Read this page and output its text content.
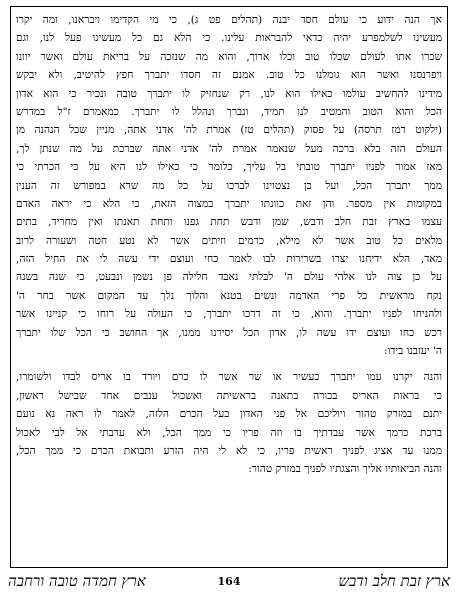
אך הנה ידוע כי עולם חסד יבנה (תהלים פט ג), כי מי הקדימו ויבראנו, ומה יקרו
מעשינו לשלמפרע יהיה כדאי להבראות עלינו. כי הלא גם כל מעשינו פעל לנו, וגם
שכרו אתו לעולם שכלו טוב וכלו ארוך, והוא מה שנזכה על בריאת עולם ואשר יוונו
ויפרנסנו ואשר הוא גומלנו כל טוב. אמנם זה חסדו יתברך חפץ להיטיב, ולא יבקש
מידינו להחשיב עולמו כאילו הוא לנו, רק שנחזיק לו יתברך טובה ונכיר כי הוא אדון
הכל והוא הטוב והמטיב לנו תמיד, ונברך ונהלל לו יתברך. כמאמרם ז"ל במדרש
(ילקוט רמז תרסה) על פסוק (תהלים טז) אמרת לה' אדני אתה, מניין שכל הנהנה מן
העולם הזה בלא ברכה מעל שנאמר אמרת לה' אדני אתה שברכת על מה שנתן לך,
מאז אמור לפניו יתברך טובתי בל עליך, כלומר כי כאילו לנו היא על כי הכרתי כי
ממך יתברך הכל, ועל כן נצטוינו לברכו על כל מה שרא במפורש זה הענין
במקומות אין מספר. והן זאת כוונתו יתברך במצוה הזאת, כי הלא כי יראה האדם
עצמו בארץ זבת חלב ודבש, שמן ודבש תחת גפנו ותחת תאנתו ואין מחריד, בתים
מלאים כל טוב אשר לא מילא, כרמים וזיתים אשר לא נטע חטה ושעורה לרוב
מאד, הלא ידיחנו יצרו בשרירות לבו לאמר כחי ועוצם ידי עשה לי את החיל הזה,
על כן צוה לנו אלהי עולם ה' לבלתי נאבד חלילה פן נשמן ונבעט, כי שנה בשנה
נקח מראשית כל פרי האדמה ונשים בטנא והלוך נלך עד המקום אשר בחר ה'
ולהניחו לפניו יתברך. והוא, כי זה דרכו יתברך, כי העולה על רוחו כי קניינו אשר
רכש כחו ועוצם ידו עשה לו, אדון הכל יסירנו ממנו, אך החושב כי הכל שלו יתברך
ה' יעזבנו בידו:
והנה יקרנו עמו יתברך כעשיר או שר אשר לו כרם ויורד בו אריס לבדו ולשומרו,
כי בראות האריס בכורה בתאנה בראשיתה ואשכול ענבים אחד שבישל ראשון,
יתנם במזרק טהור ויוליכם אל פני האדון בעל הכרם הלזה, לאמר לו ראה נא נועם
ברכת כרמך אשר עבדתיך בו וזה פריו כי ממך הכל, ולא ערבתי אל לבי לאכול
ממנו עד אציג לפניך ראשית פריו, כי לא לי היה הזרע ותבואת הכרם כי ממך הכל,
והנה הביאותיו אליך והצגתיו לפניך במזרק טהור:
ארץ זבת חלב ודבש
164
ארץ חמדה טובה ורחבה
